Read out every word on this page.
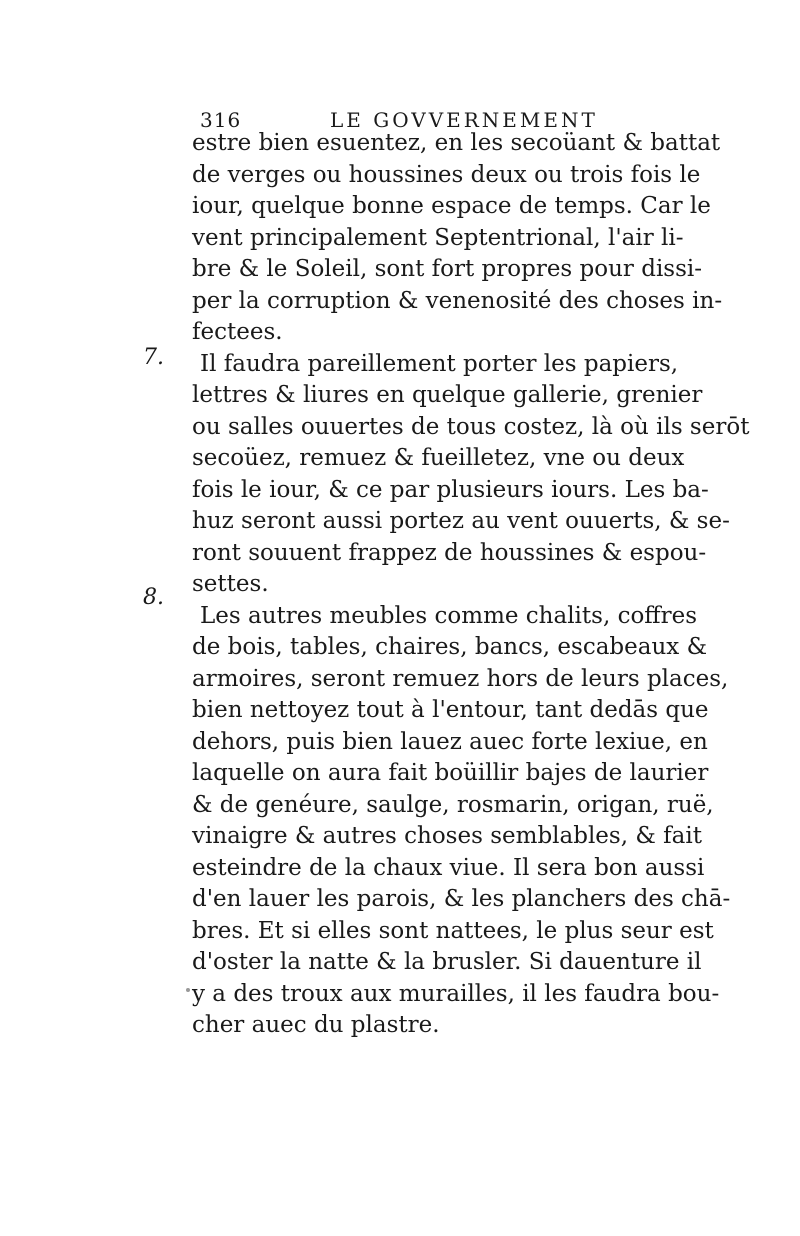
316	LE GOVVERNEMENT
7.
8.
estre bien esuentez, en les secoüant & battat
de verges ou houssines deux ou trois fois le
iour, quelque bonne espace de temps. Car le
vent principalement Septentrional, l'air li-
bre & le Soleil, sont fort propres pour dissi-
per la corruption & venenosité des choses in-
fectees.
Il faudra pareillement porter les papiers,
lettres & liures en quelque gallerie, grenier
ou salles ouuertes de tous costez, là où ils serōt
secoüez, remuez & fueilletez, vne ou deux
fois le iour, & ce par plusieurs iours. Les ba-
huz seront aussi portez au vent ouuerts, & se-
ront souuent frappez de houssines & espou-
settes.
Les autres meubles comme chalits, coffres
de bois, tables, chaires, bancs, escabeaux &
armoires, seront remuez hors de leurs places,
bien nettoyez tout à l'entour, tant dedās que
dehors, puis bien lauez auec forte lexiue, en
laquelle on aura fait boüillir bajes de laurier
& de genéure, saulge, rosmarin, origan, ruë,
vinaigre & autres choses semblables, & fait
esteindre de la chaux viue. Il sera bon aussi
d'en lauer les parois, & les planchers des chā-
bres. Et si elles sont nattees, le plus seur est
d'oster la natte & la brusler. Si dauenture il
y a des troux aux murailles, il les faudra bou-
cher auec du plastre.
